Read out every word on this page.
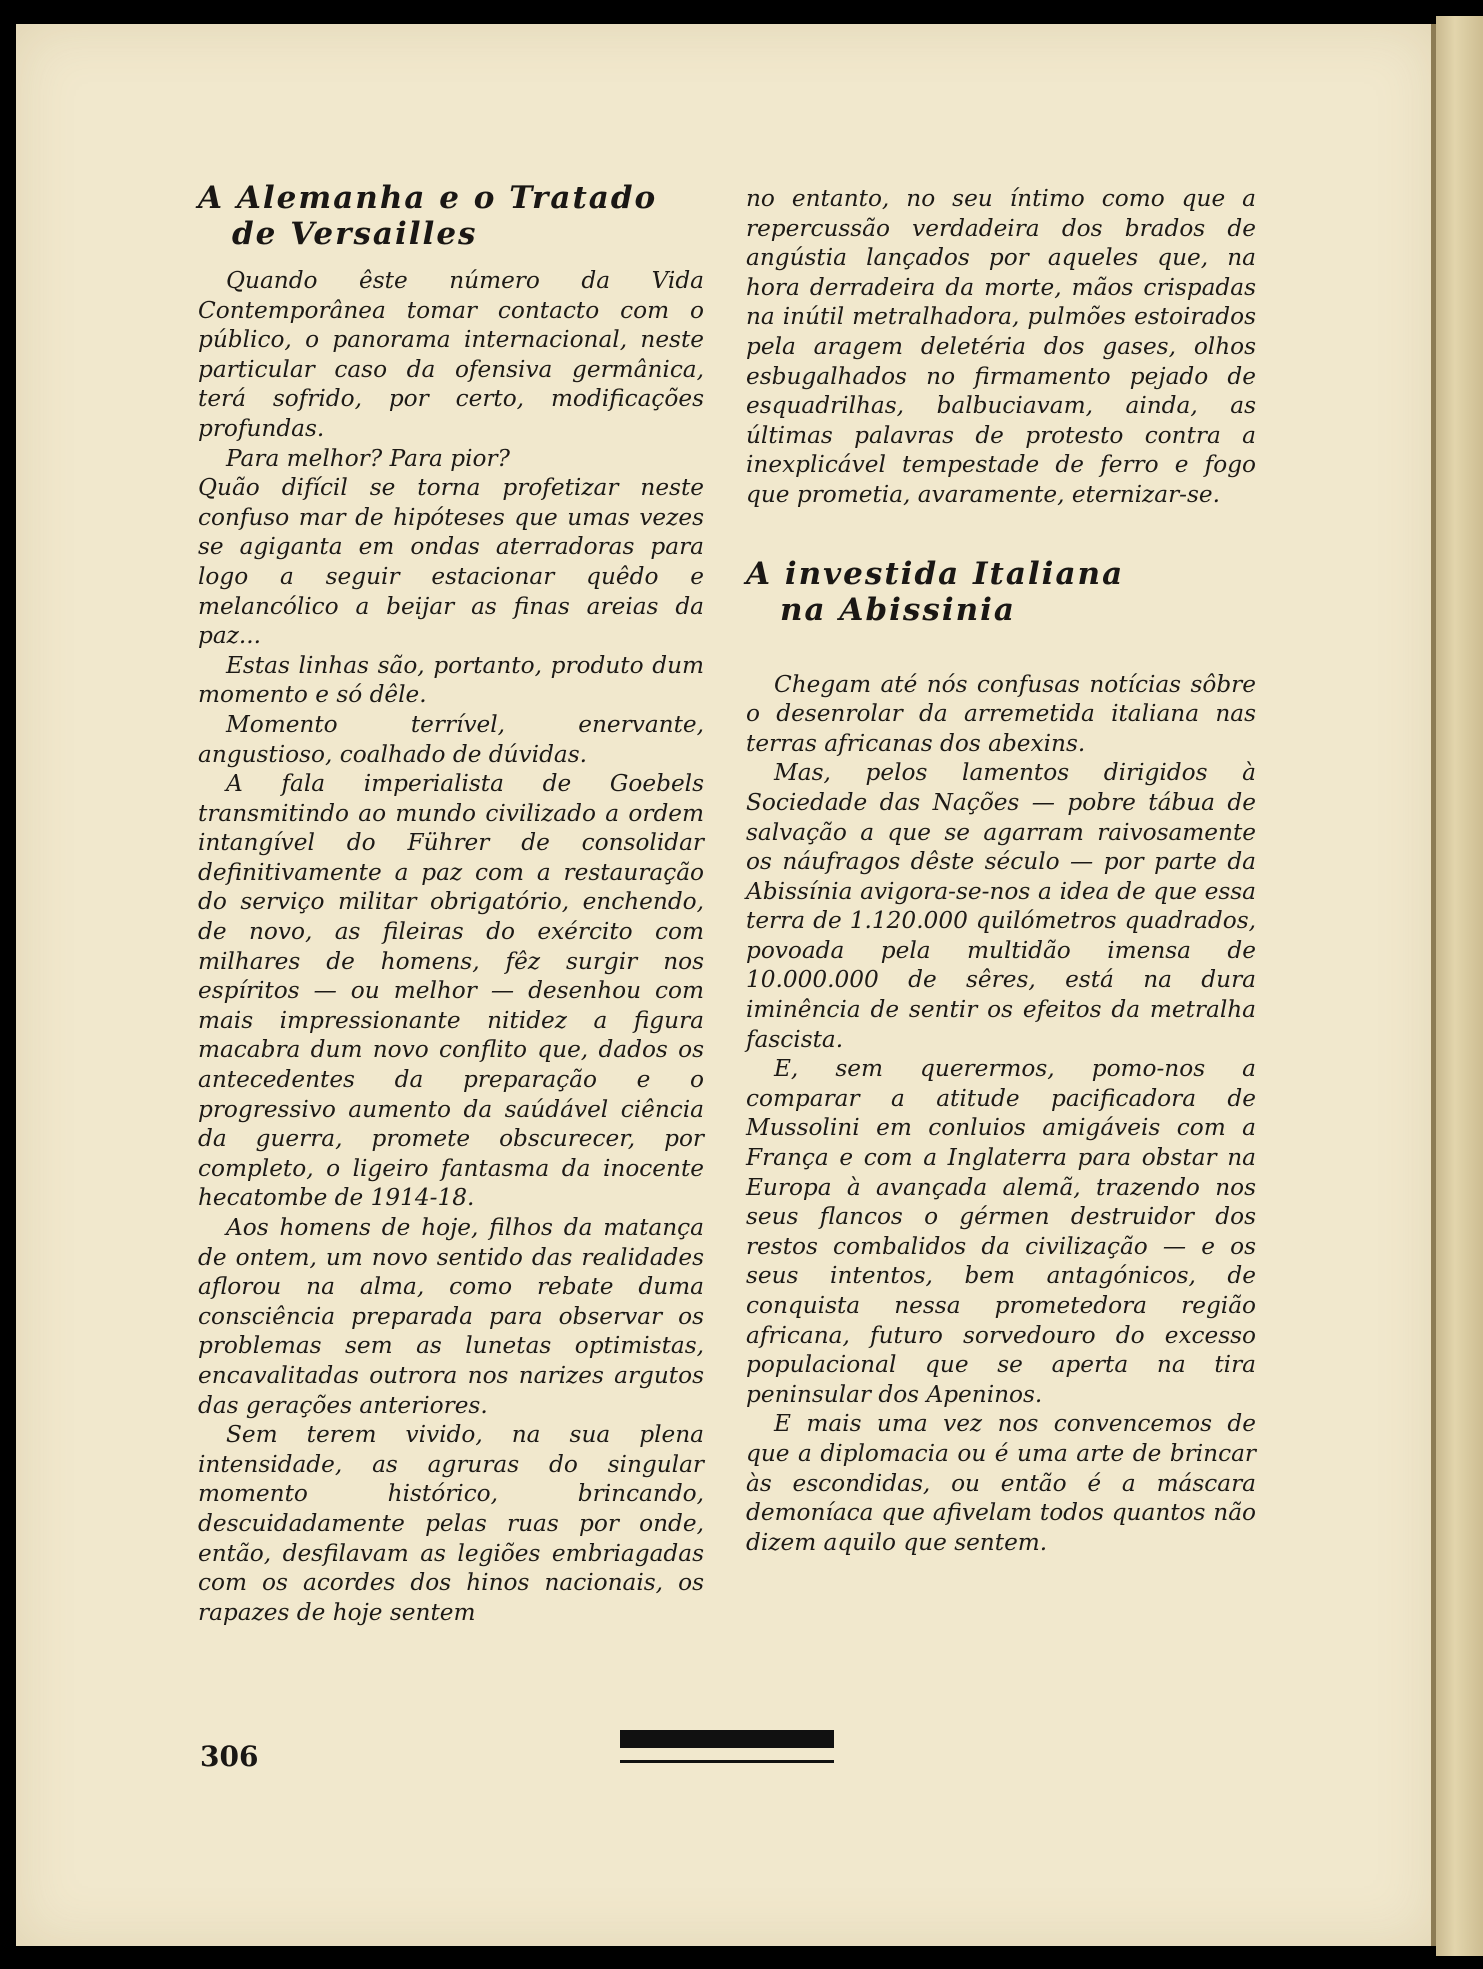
A Alemanha e o Tratado
de Versailles

Quando êste número da Vida Contemporânea tomar contacto com o público, o panorama internacional, neste particular caso da ofensiva germânica, terá sofrido, por certo, modificações profundas.

Para melhor? Para pior?

Quão difícil se torna profetizar neste confuso mar de hipóteses que umas vezes se agiganta em ondas aterradoras para logo a seguir estacionar quêdo e melancólico a beijar as finas areias da paz...

Estas linhas são, portanto, produto dum momento e só dêle.

Momento terrível, enervante, angustioso, coalhado de dúvidas.

A fala imperialista de Goebels transmitindo ao mundo civilizado a ordem intangível do Führer de consolidar definitivamente a paz com a restauração do serviço militar obrigatório, enchendo, de novo, as fileiras do exército com milhares de homens, fêz surgir nos espíritos — ou melhor — desenhou com mais impressionante nitidez a figura macabra dum novo conflito que, dados os antecedentes da preparação e o progressivo aumento da saúdável ciência da guerra, promete obscurecer, por completo, o ligeiro fantasma da inocente hecatombe de 1914-18.

Aos homens de hoje, filhos da matança de ontem, um novo sentido das realidades aflorou na alma, como rebate duma consciência preparada para observar os problemas sem as lunetas optimistas, encavalitadas outrora nos narizes argutos das gerações anteriores.

Sem terem vivido, na sua plena intensidade, as agruras do singular momento histórico, brincando, descuidadamente pelas ruas por onde, então, desfilavam as legiões embriagadas com os acordes dos hinos nacionais, os rapazes de hoje sentem

no entanto, no seu íntimo como que a repercussão verdadeira dos brados de angústia lançados por aqueles que, na hora derradeira da morte, mãos crispadas na inútil metralhadora, pulmões estoirados pela aragem deletéria dos gases, olhos esbugalhados no firmamento pejado de esquadrilhas, balbuciavam, ainda, as últimas palavras de protesto contra a inexplicável tempestade de ferro e fogo que prometia, avaramente, eternizar-se.

A investida Italiana
na Abissinia

Chegam até nós confusas notícias sôbre o desenrolar da arremetida italiana nas terras africanas dos abexins.

Mas, pelos lamentos dirigidos à Sociedade das Nações — pobre tábua de salvação a que se agarram raivosamente os náufragos dêste século — por parte da Abissínia avigora-se-nos a idea de que essa terra de 1.120.000 quilómetros quadrados, povoada pela multidão imensa de 10.000.000 de sêres, está na dura iminência de sentir os efeitos da metralha fascista.

E, sem querermos, pomo-nos a comparar a atitude pacificadora de Mussolini em conluios amigáveis com a França e com a Inglaterra para obstar na Europa à avançada alemã, trazendo nos seus flancos o gérmen destruidor dos restos combalidos da civilização — e os seus intentos, bem antagónicos, de conquista nessa prometedora região africana, futuro sorvedouro do excesso populacional que se aperta na tira peninsular dos Apeninos.

E mais uma vez nos convencemos de que a diplomacia ou é uma arte de brincar às escondidas, ou então é a máscara demoníaca que afivelam todos quantos não dizem aquilo que sentem.

306
